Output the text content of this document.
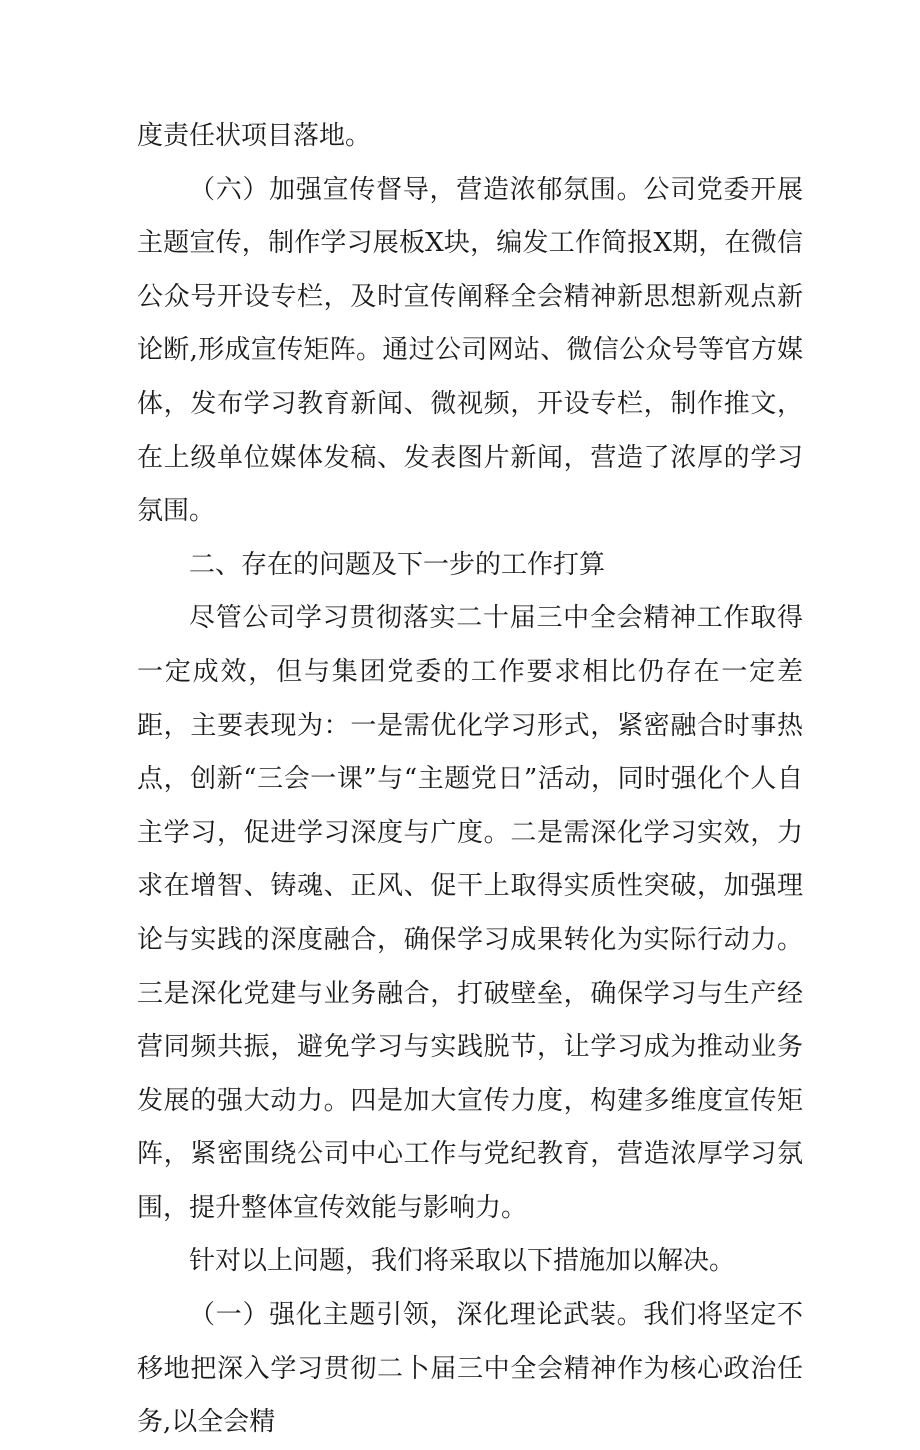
度责任状项目落地。

（六）加强宣传督导，营造浓郁氛围。公司党委开展主题宣传，制作学习展板X块，编发工作简报X期，在微信公众号开设专栏，及时宣传阐释全会精神新思想新观点新论断,形成宣传矩阵。通过公司网站、微信公众号等官方媒体，发布学习教育新闻、微视频，开设专栏，制作推文，在上级单位媒体发稿、发表图片新闻，营造了浓厚的学习氛围。

二、存在的问题及下一步的工作打算

尽管公司学习贯彻落实二十届三中全会精神工作取得一定成效，但与集团党委的工作要求相比仍存在一定差距，主要表现为：一是需优化学习形式，紧密融合时事热点，创新“三会一课”与“主题党日”活动，同时强化个人自主学习，促进学习深度与广度。二是需深化学习实效，力求在增智、铸魂、正风、促干上取得实质性突破，加强理论与实践的深度融合，确保学习成果转化为实际行动力。三是深化党建与业务融合，打破壁垒，确保学习与生产经营同频共振，避免学习与实践脱节，让学习成为推动业务发展的强大动力。四是加大宣传力度，构建多维度宣传矩阵，紧密围绕公司中心工作与党纪教育，营造浓厚学习氛围，提升整体宣传效能与影响力。

针对以上问题，我们将采取以下措施加以解决。

（一）强化主题引领，深化理论武装。我们将坚定不移地把深入学习贯彻二卜届三中全会精神作为核心政治任务,以全会精
